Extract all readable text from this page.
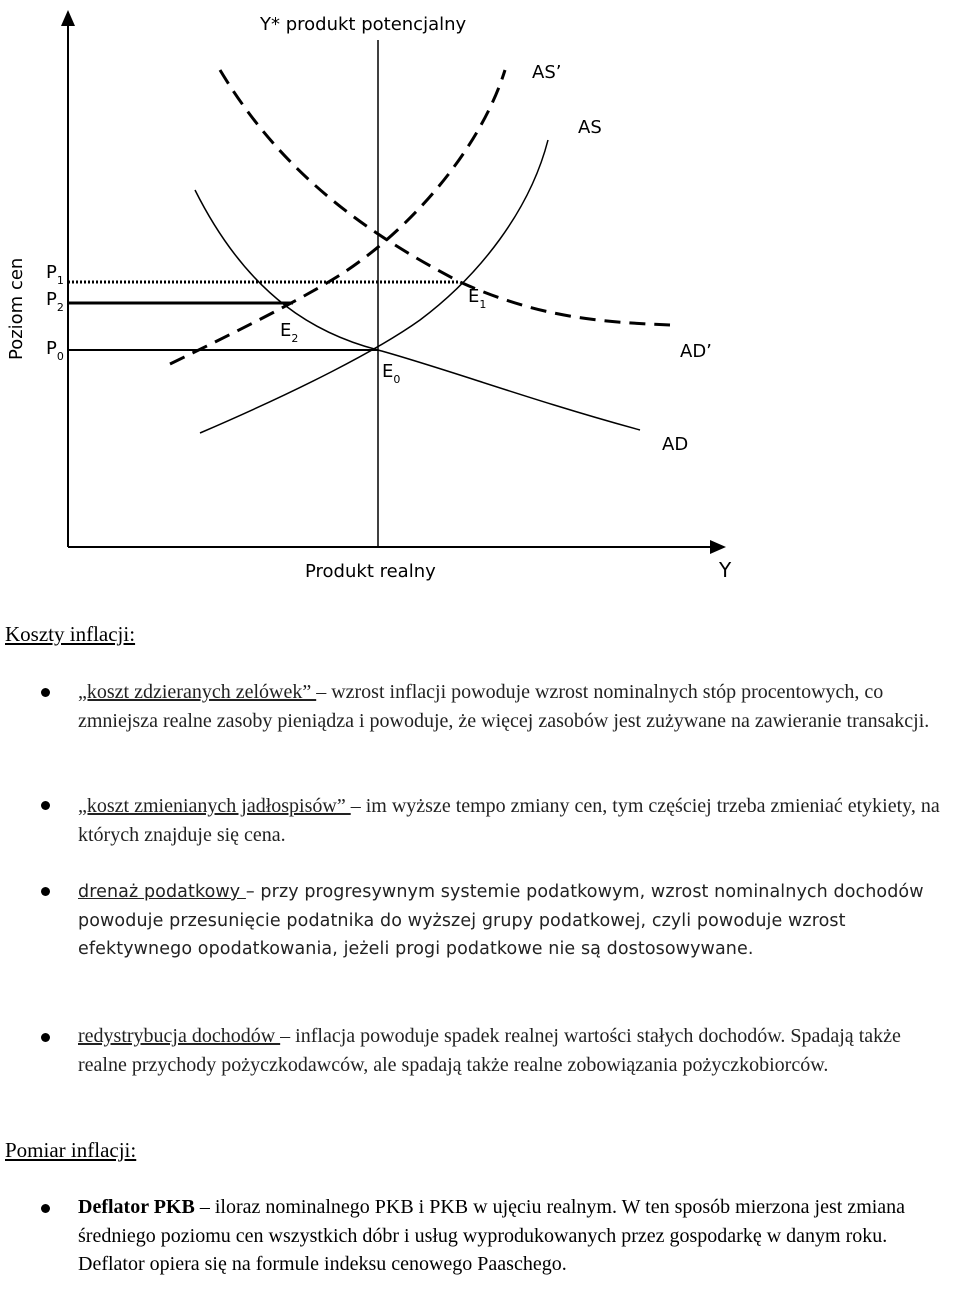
Y* produkt potencjalny
Produkt realny	Y
Poziom cen
AS’
AS
AD’
AD
$P_1$
$P_2$
$P_0$
$E_1$
$E_2$
$E_0$
Koszty inflacji:

„koszt zdzieranych zelówek” – wzrost inflacji powoduje wzrost nominalnych stóp procentowych, co zmniejsza realne zasoby pieniądza i powoduje, że więcej zasobów jest zużywane na zawieranie transakcji.

„koszt zmienianych jadłospisów” – im wyższe tempo zmiany cen, tym częściej trzeba zmieniać etykiety, na których znajduje się cena.

drenaż podatkowy – przy progresywnym systemie podatkowym, wzrost nominalnych dochodów powoduje przesunięcie podatnika do wyższej grupy podatkowej, czyli powoduje wzrost efektywnego opodatkowania, jeżeli progi podatkowe nie są dostosowywane.

redystrybucja dochodów – inflacja powoduje spadek realnej wartości stałych dochodów. Spadają także realne przychody pożyczkodawców, ale spadają także realne zobowiązania pożyczkobiorców.

Pomiar inflacji:

Deflator PKB – iloraz nominalnego PKB i PKB w ujęciu realnym. W ten sposób mierzona jest zmiana średniego poziomu cen wszystkich dóbr i usług wyprodukowanych przez gospodarkę w danym roku. Deflator opiera się na formule indeksu cenowego Paaschego.
